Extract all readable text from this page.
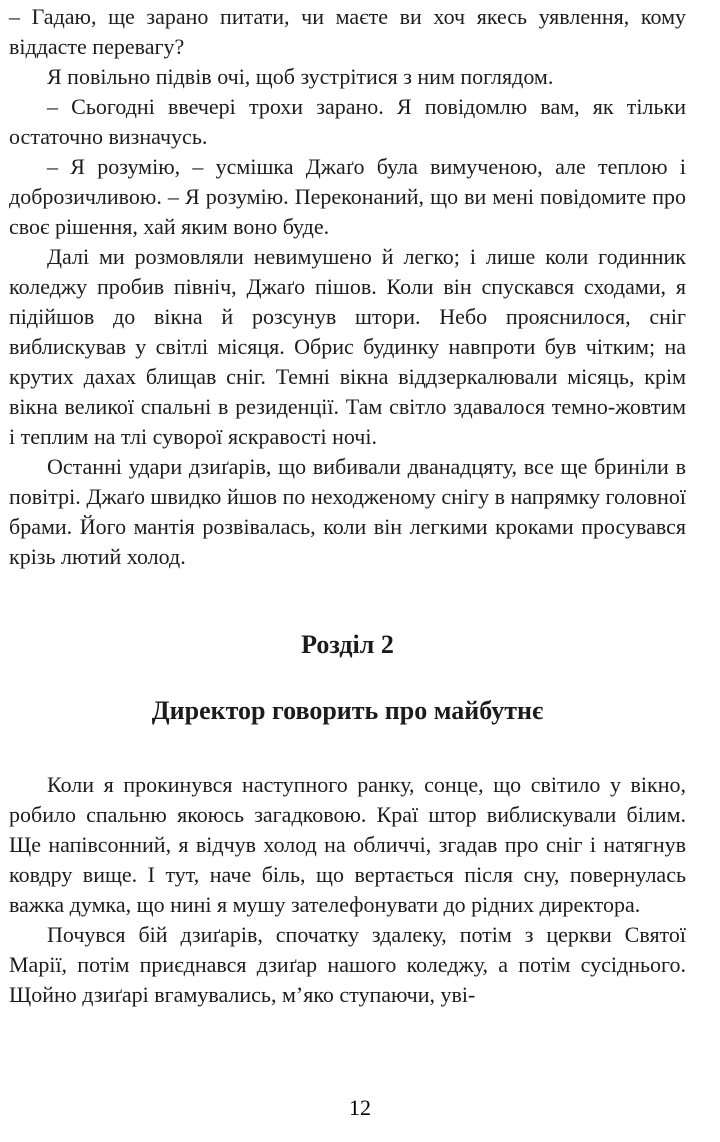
– Гадаю, ще зарано питати, чи маєте ви хоч якесь уявлення, кому віддасте перевагу?

Я повільно підвів очі, щоб зустрітися з ним поглядом.

– Сьогодні ввечері трохи зарано. Я повідомлю вам, як тільки остаточно визначусь.

– Я розумію, – усмішка Джаґо була вимученою, але теплою і доброзичливою. – Я розумію. Переконаний, що ви мені повідомите про своє рішення, хай яким воно буде.

Далі ми розмовляли невимушено й легко; і лише коли годинник коледжу пробив північ, Джаґо пішов. Коли він спускався сходами, я підійшов до вікна й розсунув штори. Небо прояснилося, сніг виблискував у світлі місяця. Обрис будинку навпроти був чітким; на крутих дахах блищав сніг. Темні вікна віддзеркалювали місяць, крім вікна великої спальні в резиденції. Там світло здавалося темно-жовтим і теплим на тлі суворої яскравості ночі.

Останні удари дзиґарів, що вибивали дванадцяту, все ще бриніли в повітрі. Джаґо швидко йшов по неходженому снігу в напрямку головної брами. Його мантія розвівалась, коли він легкими кроками просувався крізь лютий холод.

Розділ 2
Директор говорить про майбутнє

Коли я прокинувся наступного ранку, сонце, що світило у вікно, робило спальню якоюсь загадковою. Краї штор виблискували білим. Ще напівсонний, я відчув холод на обличчі, згадав про сніг і натягнув ковдру вище. І тут, наче біль, що вертається після сну, повернулась важка думка, що нині я мушу зателефонувати до рідних директора.

Почувся бій дзиґарів, спочатку здалеку, потім з церкви Святої Марії, потім приєднався дзиґар нашого коледжу, а потім сусіднього. Щойно дзиґарі вгамувались, м’яко ступаючи, уві-

12
